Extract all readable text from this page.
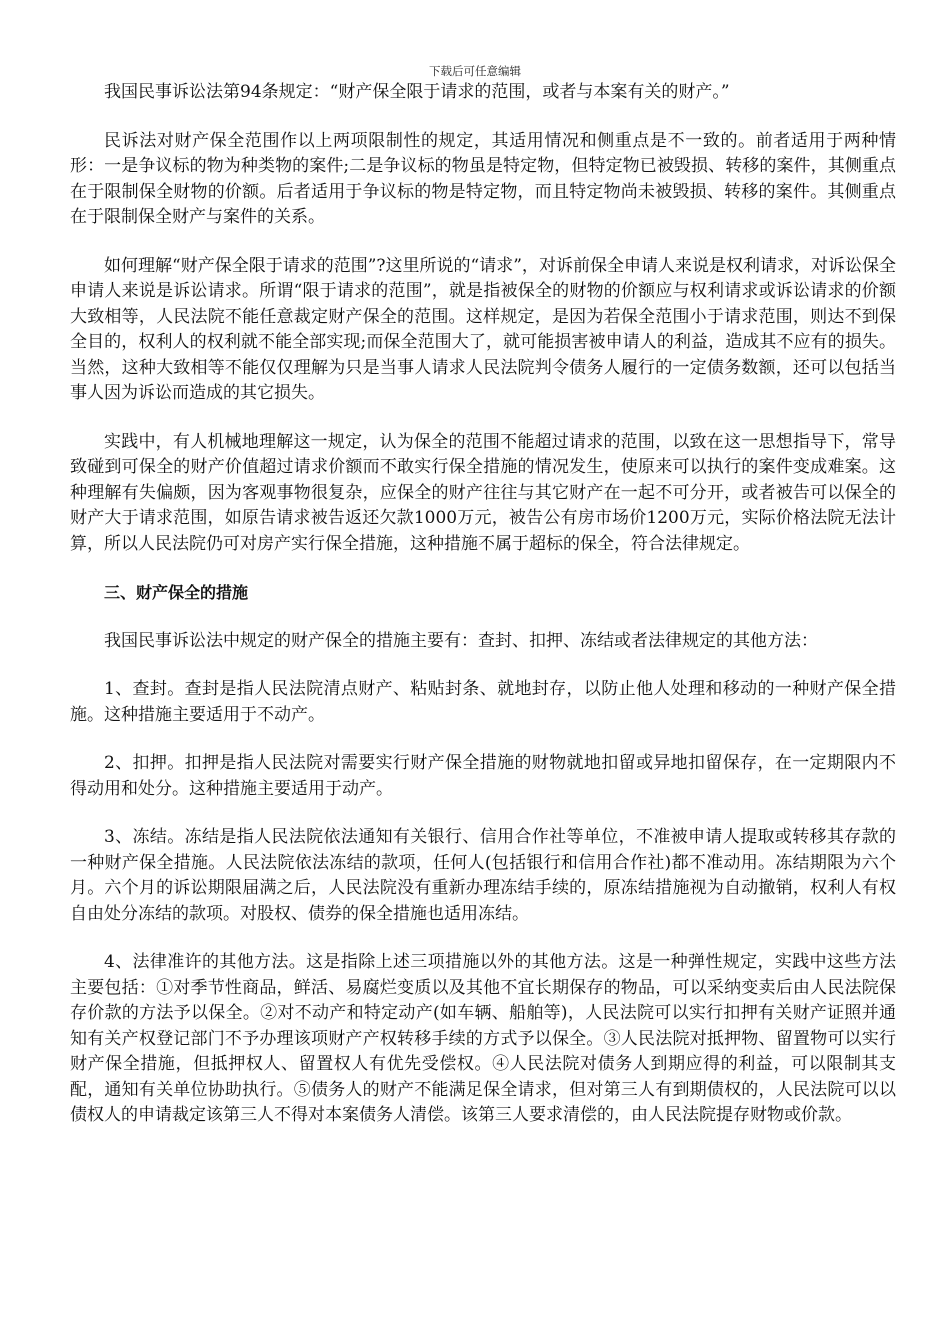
下载后可任意编辑

我国民事诉讼法第94条规定：“财产保全限于请求的范围，或者与本案有关的财产。”

民诉法对财产保全范围作以上两项限制性的规定，其适用情况和侧重点是不一致的。前者适用于两种情形：一是争议标的物为种类物的案件;二是争议标的物虽是特定物，但特定物已被毁损、转移的案件，其侧重点在于限制保全财物的价额。后者适用于争议标的物是特定物，而且特定物尚未被毁损、转移的案件。其侧重点在于限制保全财产与案件的关系。

如何理解“财产保全限于请求的范围”?这里所说的“请求”，对诉前保全申请人来说是权利请求，对诉讼保全申请人来说是诉讼请求。所谓“限于请求的范围”，就是指被保全的财物的价额应与权利请求或诉讼请求的价额大致相等，人民法院不能任意裁定财产保全的范围。这样规定，是因为若保全范围小于请求范围，则达不到保全目的，权利人的权利就不能全部实现;而保全范围大了，就可能损害被申请人的利益，造成其不应有的损失。当然，这种大致相等不能仅仅理解为只是当事人请求人民法院判令债务人履行的一定债务数额，还可以包括当事人因为诉讼而造成的其它损失。

实践中，有人机械地理解这一规定，认为保全的范围不能超过请求的范围，以致在这一思想指导下，常导致碰到可保全的财产价值超过请求价额而不敢实行保全措施的情况发生，使原来可以执行的案件变成难案。这种理解有失偏颇，因为客观事物很复杂，应保全的财产往往与其它财产在一起不可分开，或者被告可以保全的财产大于请求范围，如原告请求被告返还欠款1000万元，被告公有房市场价1200万元，实际价格法院无法计算，所以人民法院仍可对房产实行保全措施，这种措施不属于超标的保全，符合法律规定。

三、财产保全的措施

我国民事诉讼法中规定的财产保全的措施主要有：查封、扣押、冻结或者法律规定的其他方法：

1、查封。查封是指人民法院清点财产、粘贴封条、就地封存，以防止他人处理和移动的一种财产保全措施。这种措施主要适用于不动产。

2、扣押。扣押是指人民法院对需要实行财产保全措施的财物就地扣留或异地扣留保存，在一定期限内不得动用和处分。这种措施主要适用于动产。

3、冻结。冻结是指人民法院依法通知有关银行、信用合作社等单位，不准被申请人提取或转移其存款的一种财产保全措施。人民法院依法冻结的款项，任何人(包括银行和信用合作社)都不准动用。冻结期限为六个月。六个月的诉讼期限届满之后，人民法院没有重新办理冻结手续的，原冻结措施视为自动撤销，权利人有权自由处分冻结的款项。对股权、债券的保全措施也适用冻结。

4、法律准许的其他方法。这是指除上述三项措施以外的其他方法。这是一种弹性规定，实践中这些方法主要包括：①对季节性商品，鲜活、易腐烂变质以及其他不宜长期保存的物品，可以采纳变卖后由人民法院保存价款的方法予以保全。②对不动产和特定动产(如车辆、船舶等)，人民法院可以实行扣押有关财产证照并通知有关产权登记部门不予办理该项财产产权转移手续的方式予以保全。③人民法院对抵押物、留置物可以实行财产保全措施，但抵押权人、留置权人有优先受偿权。④人民法院对债务人到期应得的利益，可以限制其支配，通知有关单位协助执行。⑤债务人的财产不能满足保全请求，但对第三人有到期债权的，人民法院可以以债权人的申请裁定该第三人不得对本案债务人清偿。该第三人要求清偿的，由人民法院提存财物或价款。
